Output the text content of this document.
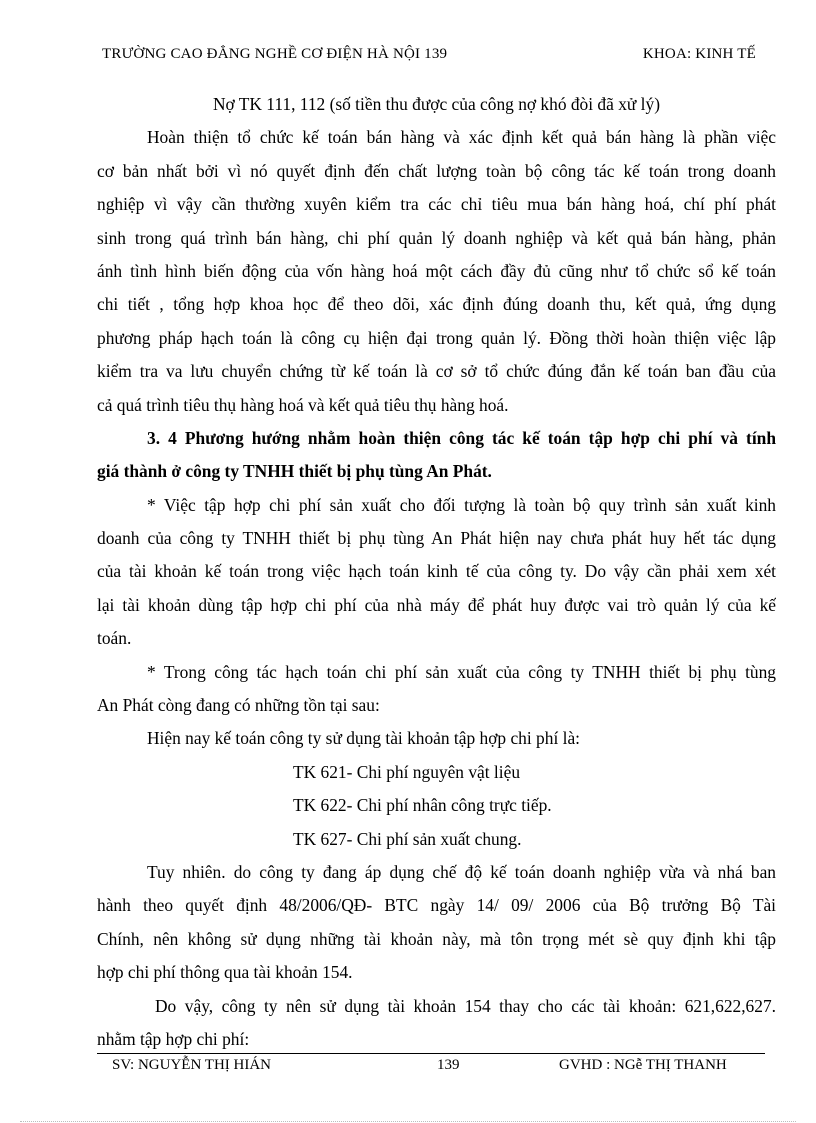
TRƯỜNG CAO ĐẲNG NGHỀ CƠ ĐIỆN HÀ NỘI 139	KHOA: KINH TẾ
Nợ TK 111, 112 (số tiền thu được của công nợ khó đòi đã xử lý)
Hoàn thiện tổ chức kế toán bán hàng và xác định kết quả bán hàng là phần việc
cơ bản nhất bởi vì nó quyết định đến chất lượng toàn bộ công tác kế toán trong doanh
nghiệp vì vậy cần thường xuyên kiểm tra các chỉ tiêu mua bán hàng hoá, chí phí phát
sinh trong quá trình bán hàng, chi phí quản lý doanh nghiệp và kết quả bán hàng, phản
ánh tình hình biến động của vốn hàng hoá một cách đầy đủ cũng như tổ chức sổ kế toán
chi tiết , tổng hợp khoa học để theo dõi, xác định đúng doanh thu, kết quả, ứng dụng
phương pháp hạch toán là công cụ hiện đại trong quản lý. Đồng thời hoàn thiện việc lập
kiểm tra va lưu chuyển chứng từ kế toán là cơ sở tổ chức đúng đắn kế toán ban đầu của
cả quá trình tiêu thụ hàng hoá và kết quả tiêu thụ hàng hoá.
3. 4 Phương hướng nhằm hoàn thiện công tác kế toán tập hợp chi phí và tính
giá thành ở công ty TNHH thiết bị phụ tùng An Phát.
* Việc tập hợp chi phí sản xuất cho đối tượng là toàn bộ quy trình sản xuất kinh
doanh của công ty TNHH thiết bị phụ tùng An Phát hiện nay chưa phát huy hết tác dụng
của tài khoản kế toán trong việc hạch toán kinh tế của công ty. Do vậy cần phải xem xét
lại tài khoản dùng tập hợp chi phí của nhà máy để phát huy được vai trò quản lý của kế
toán.
* Trong công tác hạch toán chi phí sản xuất của công ty TNHH thiết bị phụ tùng
An Phát còng đang có những tồn tại sau:
Hiện nay kế toán công ty sử dụng tài khoản tập hợp chi phí là:
TK 621- Chi phí nguyên vật liệu
TK 622- Chi phí nhân công trực tiếp.
TK 627- Chi phí sản xuất chung.
Tuy nhiên. do công ty đang áp dụng chế độ kế toán doanh nghiệp vừa và nhá ban
hành theo quyết định 48/2006/QĐ- BTC ngày 14/ 09/ 2006 của Bộ trưởng Bộ Tài
Chính, nên không sử dụng những tài khoản này, mà tôn trọng mét sè quy định khi tập
hợp chi phí thông qua tài khoản 154.
Do vậy, công ty nên sử dụng tài khoản 154 thay cho các tài khoản: 621,622,627.
nhằm tập hợp chi phí:
SV: NGUYỄN THỊ HIÁN	139	GVHD : NGễ THỊ THANH
